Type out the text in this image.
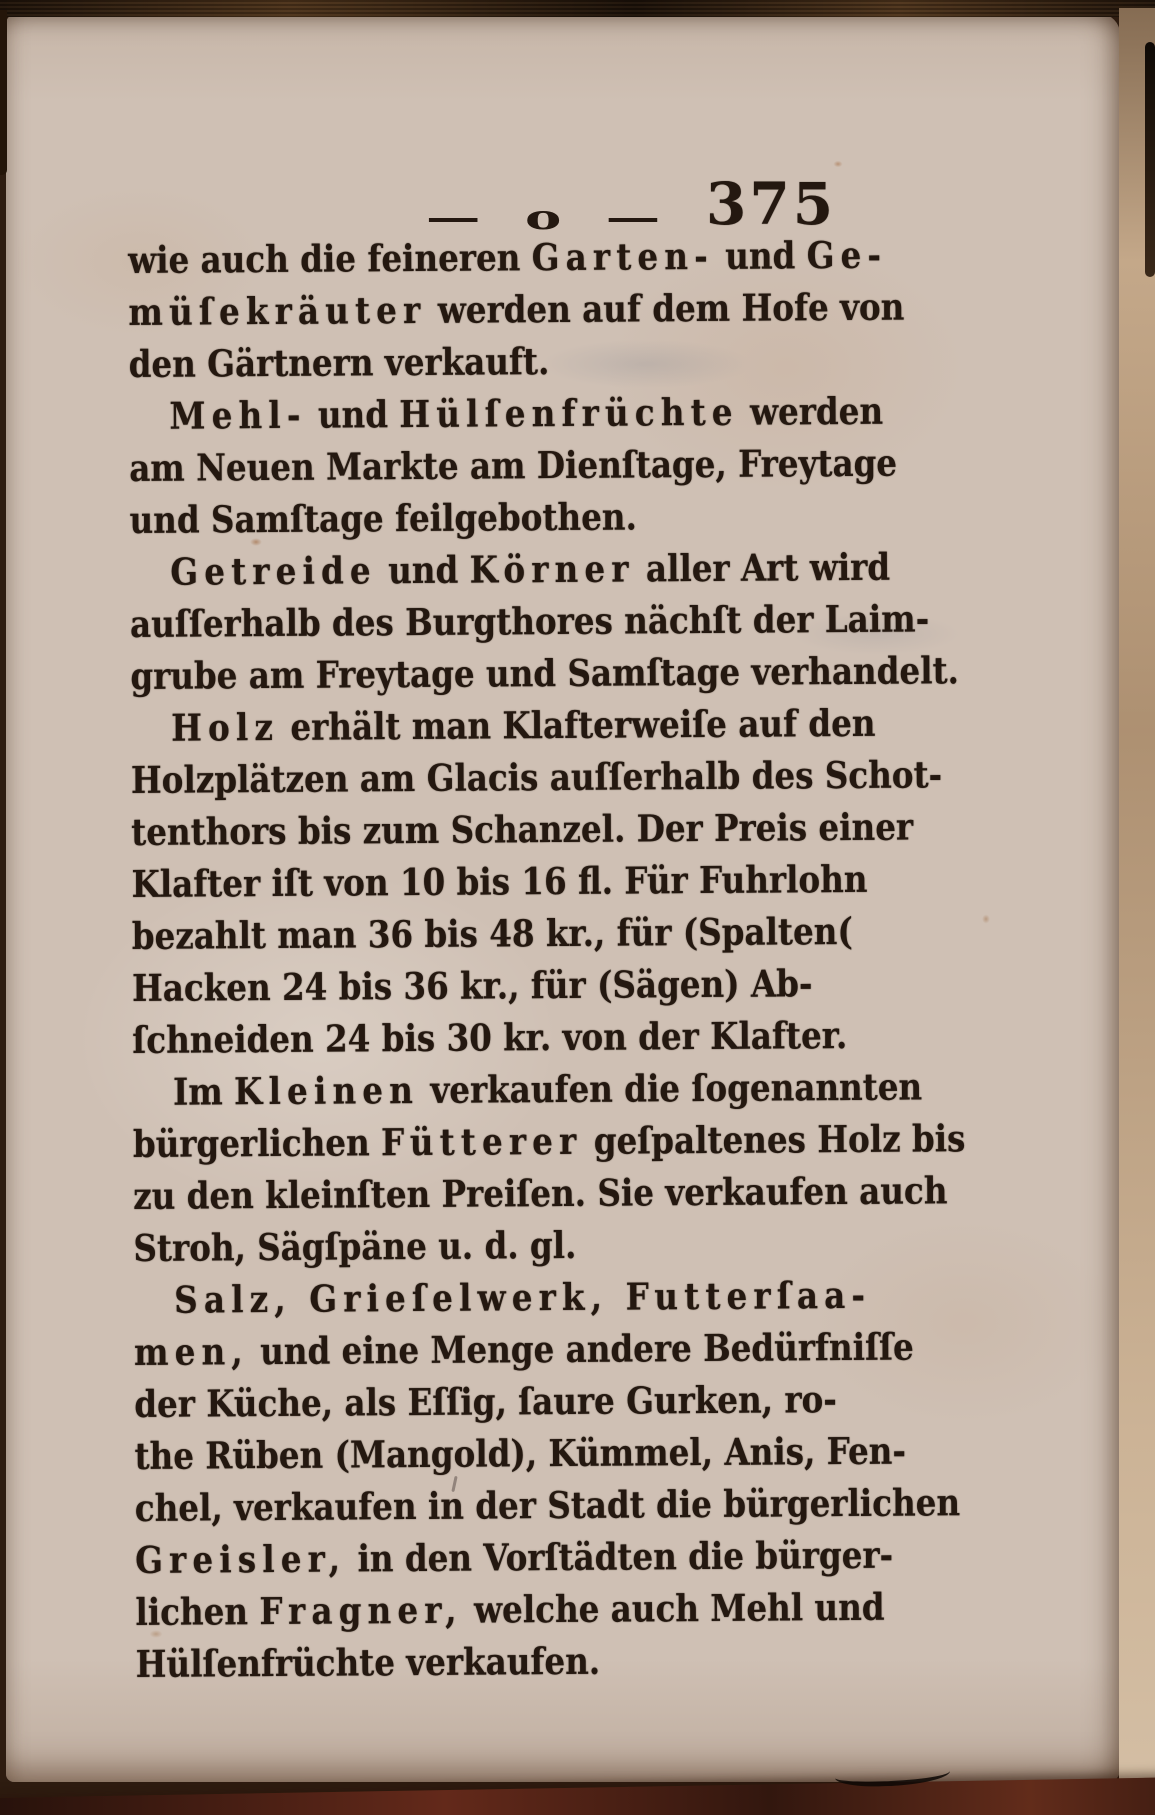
— o — 375
wie auch die feineren Garten- und Ge-
müſekräuter werden auf dem Hofe von
den Gärtnern verkauft.
Mehl- und Hülſenfrüchte werden
am Neuen Markte am Dienſtage, Freytage
und Samſtage feilgebothen.
Getreide und Körner aller Art wird
auſſerhalb des Burgthores nächſt der Laim-
grube am Freytage und Samſtage verhandelt.
Holz erhält man Klafterweiſe auf den
Holzplätzen am Glacis auſſerhalb des Schot-
tenthors bis zum Schanzel. Der Preis einer
Klafter iſt von 10 bis 16 fl. Für Fuhrlohn
bezahlt man 36 bis 48 kr., für (Spalten(
Hacken 24 bis 36 kr., für (Sägen) Ab-
ſchneiden 24 bis 30 kr. von der Klafter.
Im Kleinen verkaufen die ſogenannten
bürgerlichen Fütterer geſpaltenes Holz bis
zu den kleinſten Preiſen. Sie verkaufen auch
Stroh, Sägſpäne u. d. gl.
Salz, Grieſelwerk, Futterſaa-
men, und eine Menge andere Bedürfniſſe
der Küche, als Eſſig, ſaure Gurken, ro-
the Rüben (Mangold), Kümmel, Anis, Fen-
chel, verkaufen in der Stadt die bürgerlichen
Greisler, in den Vorſtädten die bürger-
lichen Fragner, welche auch Mehl und
Hülſenfrüchte verkaufen.
